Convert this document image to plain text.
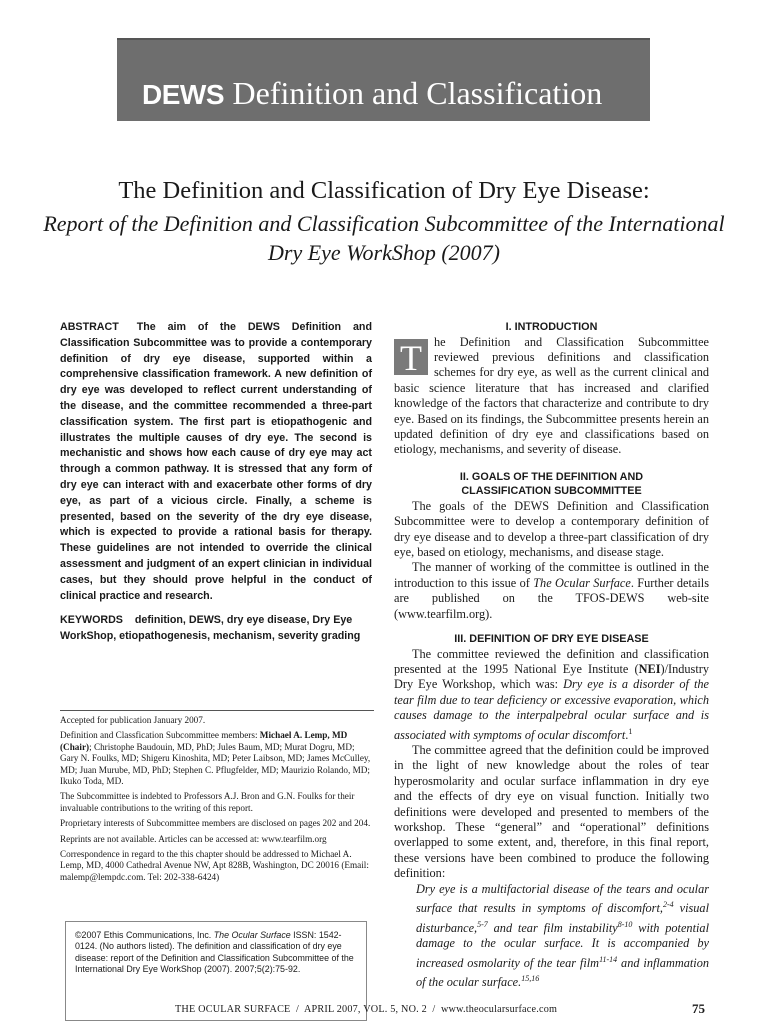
DEWS Definition and Classification
The Definition and Classification of Dry Eye Disease:
Report of the Definition and Classification Subcommittee of the International Dry Eye WorkShop (2007)

ABSTRACT The aim of the DEWS Definition and Classification Subcommittee was to provide a contemporary definition of dry eye disease, supported within a comprehensive classification framework. A new definition of dry eye was developed to reflect current understanding of the disease, and the committee recommended a three-part classification system. The first part is etiopathogenic and illustrates the multiple causes of dry eye. The second is mechanistic and shows how each cause of dry eye may act through a common pathway. It is stressed that any form of dry eye can interact with and exacerbate other forms of dry eye, as part of a vicious circle. Finally, a scheme is presented, based on the severity of the dry eye disease, which is expected to provide a rational basis for therapy. These guidelines are not intended to override the clinical assessment and judgment of an expert clinician in individual cases, but they should prove helpful in the conduct of clinical practice and research.

KEYWORDS definition, DEWS, dry eye disease, Dry Eye WorkShop, etiopathogenesis, mechanism, severity grading

Accepted for publication January 2007.

Definition and Classfication Subcommittee members: Michael A. Lemp, MD (Chair); Christophe Baudouin, MD, PhD; Jules Baum, MD; Murat Dogru, MD; Gary N. Foulks, MD; Shigeru Kinoshita, MD; Peter Laibson, MD; James McCulley, MD; Juan Murube, MD, PhD; Stephen C. Pflugfelder, MD; Maurizio Rolando, MD; Ikuko Toda, MD.

The Subcommittee is indebted to Professors A.J. Bron and G.N. Foulks for their invaluable contributions to the writing of this report.

Proprietary interests of Subcommittee members are disclosed on pages 202 and 204.

Reprints are not available. Articles can be accessed at: www.tearfilm.org

Correspondence in regard to the this chapter should be addressed to Michael A. Lemp, MD, 4000 Cathedral Avenue NW, Apt 828B, Washington, DC 20016 (Email: malemp@lempdc.com. Tel: 202-338-6424)

©2007 Ethis Communications, Inc. The Ocular Surface ISSN: 1542-0124. (No authors listed). The definition and classification of dry eye disease: report of the Definition and Classification Subcommittee of the International Dry Eye WorkShop (2007). 2007;5(2):75-92.

I. INTRODUCTION

T he Definition and Classification Subcommittee reviewed previous definitions and classification schemes for dry eye, as well as the current clinical and basic science literature that has increased and clarified knowledge of the factors that characterize and contribute to dry eye. Based on its findings, the Subcommittee presents herein an updated definition of dry eye and classifications based on etiology, mechanisms, and severity of disease.

II. GOALS OF THE DEFINITION AND
CLASSIFICATION SUBCOMMITTEE

The goals of the DEWS Definition and Classification Subcommittee were to develop a contemporary definition of dry eye disease and to develop a three-part classification of dry eye, based on etiology, mechanisms, and disease stage.

The manner of working of the committee is outlined in the introduction to this issue of The Ocular Surface. Further details are published on the TFOS-DEWS web-site (www.tearfilm.org).

III. DEFINITION OF DRY EYE DISEASE

The committee reviewed the definition and classification presented at the 1995 National Eye Institute (NEI)/Industry Dry Eye Workshop, which was: Dry eye is a disorder of the tear film due to tear deficiency or excessive evaporation, which causes damage to the interpalpebral ocular surface and is associated with symptoms of ocular discomfort.$^1$

The committee agreed that the definition could be improved in the light of new knowledge about the roles of tear hyperosmolarity and ocular surface inflammation in dry eye and the effects of dry eye on visual function. Initially two definitions were developed and presented to members of the workshop. These “general” and “operational” definitions overlapped to some extent, and, therefore, in this final report, these versions have been combined to produce the following definition:

Dry eye is a multifactorial disease of the tears and ocular surface that results in symptoms of discomfort,$^{2-4}$ visual disturbance,$^{5-7}$ and tear film instability$^{8-10}$ with potential damage to the ocular surface. It is accompanied by increased osmolarity of the tear film$^{11-14}$ and inflammation of the ocular surface.$^{15,16}$

THE OCULAR SURFACE  /  APRIL 2007, VOL. 5, NO. 2  /  www.theocularsurface.com	75
